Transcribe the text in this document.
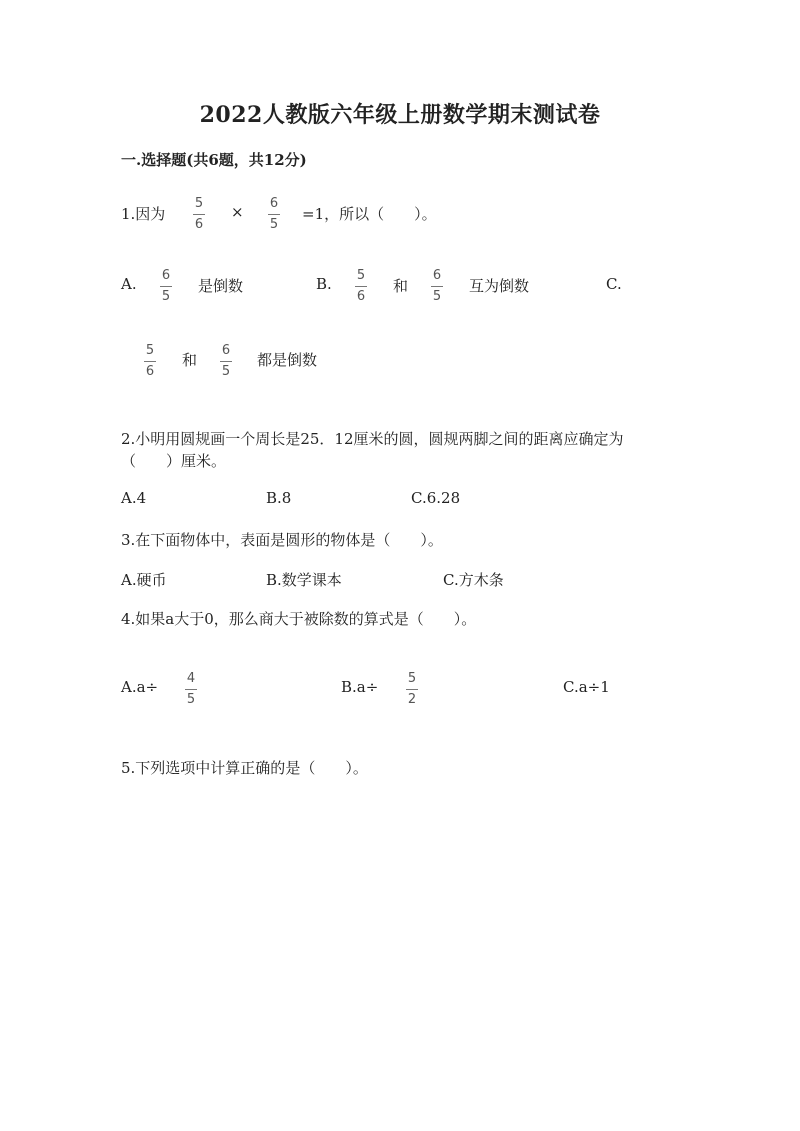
2022人教版六年级上册数学期末测试卷
一.选择题(共6题，共12分)
1.因为
5
6
× 6
5
=1，所以（　　）。
A. 6
5
是倒数	B. 5
6
和
6
5
互为倒数	C.
5
6
和
6
5
都是倒数
2.小明用圆规画一个周长是25．12厘米的圆，圆规两脚之间的距离应确定为
（　　）厘米。
A.4	B.8	C.6.28
3.在下面物体中，表面是圆形的物体是（　　）。
A.硬币	B.数学课本	C.方木条
4.如果a大于0，那么商大于被除数的算式是（　　）。
A.a÷ 4
5
B.a÷ 5
2
C.a÷1
5.下列选项中计算正确的是（　　）。
